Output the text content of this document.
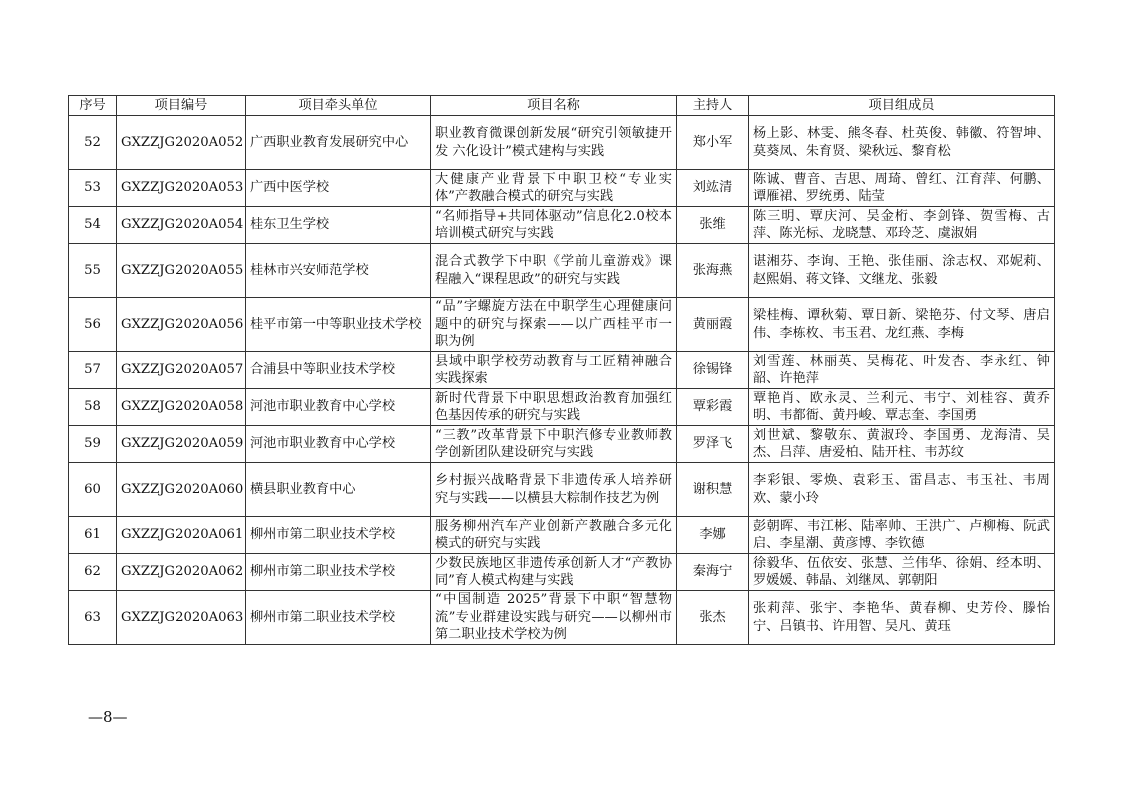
序号	项目编号	项目牵头单位	项目名称	主持人	项目组成员
52	GXZZJG2020A052	广西职业教育发展研究中心	职业教育微课创新发展“研究引领敏捷开发 六化设计”模式建构与实践	郑小军	杨上影、林雯、熊冬春、杜英俊、韩徽、符智坤、莫葵凤、朱育贤、梁秋远、黎育松
53	GXZZJG2020A053	广西中医学校	大健康产业背景下中职卫校“专业实体”产教融合模式的研究与实践	刘竑清	陈诚、曹音、吉思、周琦、曾红、江育萍、何鹏、谭雁裙、罗统勇、陆莹
54	GXZZJG2020A054	桂东卫生学校	“名师指导+共同体驱动”信息化2.0校本培训模式研究与实践	张维	陈三明、覃庆河、吴金桁、李剑锋、贺雪梅、古萍、陈光标、龙晓慧、邓玲芝、虞淑娟
55	GXZZJG2020A055	桂林市兴安师范学校	混合式教学下中职《学前儿童游戏》课程融入“课程思政”的研究与实践	张海燕	谌湘芬、李询、王艳、张佳丽、涂志权、邓妮莉、赵熙娟、蒋文锋、文继龙、张毅
56	GXZZJG2020A056	桂平市第一中等职业技术学校	“品”字螺旋方法在中职学生心理健康问题中的研究与探索——以广西桂平市一职为例	黄丽霞	梁桂梅、谭秋菊、覃日新、梁艳芬、付文琴、唐启伟、李栋枚、韦玉君、龙红燕、李梅
57	GXZZJG2020A057	合浦县中等职业技术学校	县域中职学校劳动教育与工匠精神融合实践探索	徐锡锋	刘雪莲、林丽英、吴梅花、叶发杏、李永红、钟韶、许艳萍
58	GXZZJG2020A058	河池市职业教育中心学校	新时代背景下中职思想政治教育加强红色基因传承的研究与实践	覃彩霞	覃艳肖、欧永灵、兰利元、韦宁、刘桂容、黄乔明、韦都衙、黄丹峻、覃志奎、李国勇
59	GXZZJG2020A059	河池市职业教育中心学校	“三教”改革背景下中职汽修专业教师教学创新团队建设研究与实践	罗泽飞	刘世斌、黎敬东、黄淑玲、李国勇、龙海清、吴杰、吕萍、唐爱柏、陆开柱、韦苏纹
60	GXZZJG2020A060	横县职业教育中心	乡村振兴战略背景下非遗传承人培养研究与实践——以横县大粽制作技艺为例	谢积慧	李彩银、零焕、袁彩玉、雷昌志、韦玉社、韦周欢、蒙小玲
61	GXZZJG2020A061	柳州市第二职业技术学校	服务柳州汽车产业创新产教融合多元化模式的研究与实践	李娜	彭朝晖、韦江彬、陆率帅、王洪广、卢柳梅、阮武启、李星潮、黄彦博、李钦德
62	GXZZJG2020A062	柳州市第二职业技术学校	少数民族地区非遗传承创新人才“产教协同”育人模式构建与实践	秦海宁	徐毅华、伍依安、张慧、兰伟华、徐娟、经本明、罗媛媛、韩晶、刘继凤、郭朝阳
63	GXZZJG2020A063	柳州市第二职业技术学校	“中国制造 2025”背景下中职“智慧物流”专业群建设实践与研究——以柳州市第二职业技术学校为例	张杰	张莉萍、张宇、李艳华、黄春柳、史芳伶、滕怡宁、吕镇书、许用智、吴凡、黄珏
—8—
